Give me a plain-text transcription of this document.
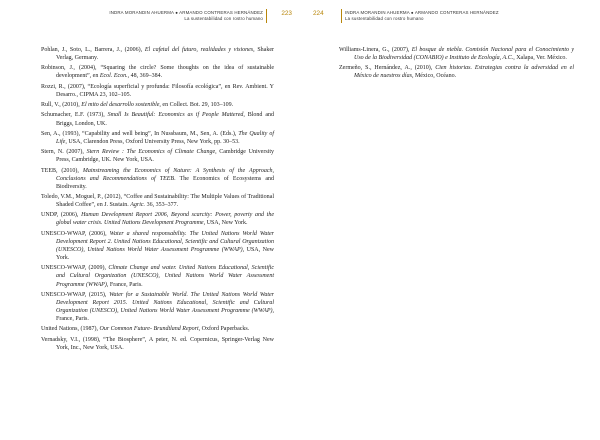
INDRA MORANDIN AHUERMA ● ARMANDO CONTRERAS HERNÁNDEZ
La sustentabilidad con rostro humano
223

Pohlan, J., Soto, L., Barrera, J., (2006), El cafetal del futuro, realidades y visiones, Shaker Verlag, Germany.

Robinson, J., (2004), “Squaring the circle? Some thoughts on the idea of sustainable development”, en Ecol. Econ., 48, 369–384.

Rozzi, R., (2007), “Ecología superficial y profunda: Filosofía ecológica”, en Rev. Ambient. Y Desarro., CIPMA 23, 102–105.

Rull, V., (2010), El mito del desarrollo sostenible, en Collect. Bot. 29, 103–109.

Schumacher, E.F. (1973), Small Is Beautiful: Economics as if People Mattered, Blond and Briggs, London, UK.

Sen, A., (1993), “Capability and well being”, In Nussbaum, M., Sen, A. (Eds.), The Quality of Life, USA, Clarendon Press, Oxford University Press, New York, pp. 30–53.

Stern, N. (2007), Stern Review : The Economics of Climate Change, Cambridge University Press, Cambridge, UK. New York, USA.

TEEB, (2010), Mainstreaming the Economics of Nature: A Synthesis of the Approach, Conclusions and Recommendations of TEEB. The Economics of Ecosystems and Biodiversity.

Toledo, V.M., Moguel, P., (2012), “Coffee and Sustainability: The Multiple Values of Traditional Shaded Coffee”, en J. Sustain. Agric. 36, 353–377.

UNDP, (2006), Human Development Report 2006, Beyond scarcity: Power, poverty and the global water crisis. United Nations Development Programme, USA, New York.

UNESCO-WWAP, (2006), Water a shared responsability. The United Nations World Water Development Report 2. United Nations Educational, Scientific and Cultural Organization (UNESCO), United Nations World Water Assessment Programme (WWAP), USA, New York.

UNESCO-WWAP, (2009), Climate Change and water. United Nations Educational, Scientific and Cultural Organization (UNESCO), United Nations World Water Assessment Programme (WWAP), France, Paris.

UNESCO-WWAP, (2015), Water for a Sustainable World. The United Nations World Water Development Report 2015. United Nations Educational, Scientific and Cultural Organization (UNESCO), United Nations World Water Assessment Programme (WWAP), France, Paris.

United Nations, (1987), Our Common Future- Brundtland Report, Oxford Paperbacks.

Vernadsky, V.I., (1998), “The Biosphere”, A peter, N. ed. Copernicus, Springer-Verlag New York, Inc., New York, USA.

224	INDRA MORANDIN AHUERMA ● ARMANDO CONTRERAS HERNÁNDEZ
La sustentabilidad con rostro humano

Williams-Linera, G., (2007), El bosque de niebla. Comisión Nacional para el Conocimiento y Uso de la Biodiversidad (CONABIO) e Instituto de Ecología, A.C., Xalapa, Ver. México.

Zermeño, S., Hernández, A., (2010), Cien historias. Estrategias contra la adversidad en el México de nuestros días, México, Océano.
